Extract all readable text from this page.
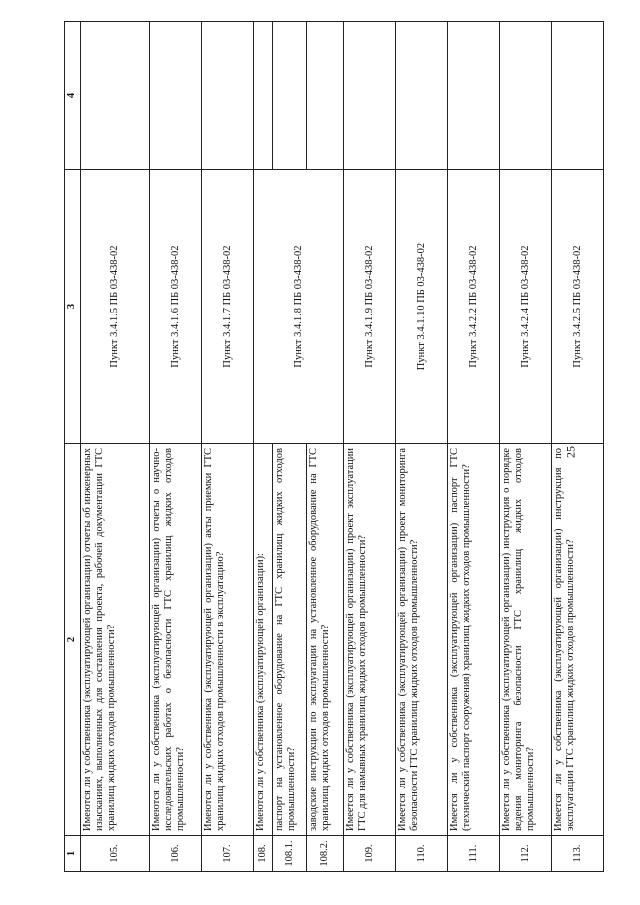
25
1	2	3	4
105.	Имеются ли у собственника (эксплуатирующей организации) отчеты об инженерных изысканиях, выполненных для составления проекта, рабочей документации ГТС хранилищ жидких отходов промышленности?	Пункт 3.4.1.5 ПБ 03-438-02	
106.	Имеются ли у собственника (эксплуатирующей организации) отчеты о научно-исследовательских работах о безопасности ГТС хранилищ жидких отходов промышленности?	Пункт 3.4.1.6 ПБ 03-438-02	
107.	Имеются ли у собственника (эксплуатирующей организации) акты приемки ГТС хранилищ жидких отходов промышленности в эксплуатацию?	Пункт 3.4.1.7 ПБ 03-438-02	
108.	Имеются ли у собственника (эксплуатирующей организации):	Пункт 3.4.1.8 ПБ 03-438-02	
108.1.	паспорт на установленное оборудование на ГТС хранилищ жидких отходов промышленности?		
108.2.	заводские инструкции по эксплуатации на установленное оборудование на ГТС хранилищ жидких отходов промышленности?		
109.	Имеется ли у собственника (эксплуатирующей организации) проект эксплуатации ГТС для намывных хранилищ жидких отходов промышленности?	Пункт 3.4.1.9 ПБ 03-438-02	
110.	Имеется ли у собственника (эксплуатирующей организации) проект мониторинга безопасности ГТС хранилищ жидких отходов промышленности?	Пункт 3.4.1.10 ПБ 03-438-02	
111.	Имеется ли у собственника (эксплуатирующей организации) паспорт ГТС (технический паспорт сооружения) хранилищ жидких отходов промышленности?	Пункт 3.4.2.2 ПБ 03-438-02	
112.	Имеется ли у собственника (эксплуатирующей организации) инструкция о порядке ведения мониторинга безопасности ГТС хранилищ жидких отходов промышленности?	Пункт 3.4.2.4 ПБ 03-438-02	
113.	Имеется ли у собственника (эксплуатирующей организации) инструкция по эксплуатации ГТС хранилищ жидких отходов промышленности?	Пункт 3.4.2.5 ПБ 03-438-02	
